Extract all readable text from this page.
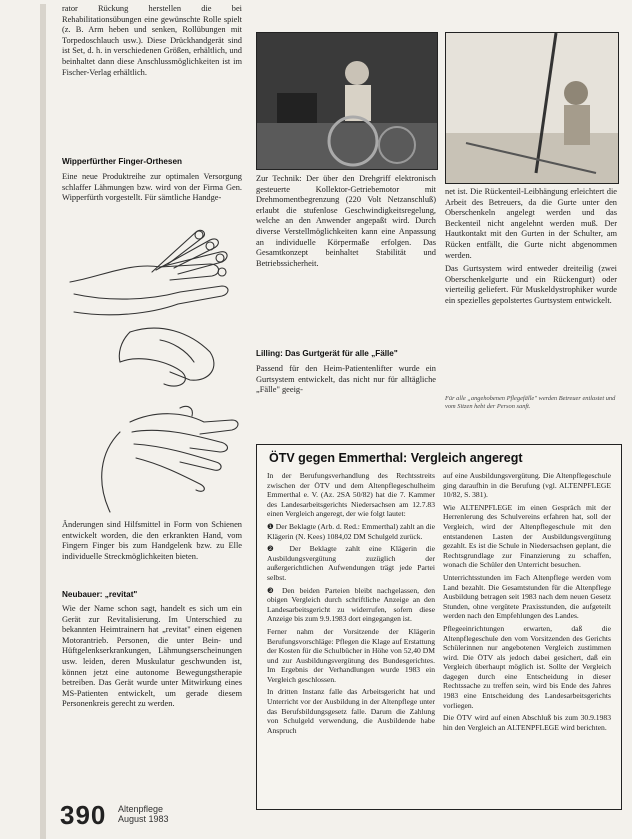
rator Rückung herstellen die bei Rehabilitationsübungen eine gewünschte Rolle spielt (z. B. Arm heben und senken, Rollübungen mit Torpedoschlauch usw.). Diese Drückhandgerät sind ist Set, d. h. in verschiedenen Größen, erhältlich, und beinhaltet dann diese Anschlussmöglichkeiten ist im Fischer-Verlag erhältlich.

Wipperfürther Finger-Orthesen

Eine neue Produktreihe zur optimalen Versorgung schlaffer Lähmungen bzw. wird von der Firma Gen. Wipperfürth vorgestellt. Für sämtliche Handge-

Änderungen sind Hilfsmittel in Form von Schienen entwickelt worden, die den erkrankten Hand, vom Fingern Finger bis zum Handgelenk bzw. zu Elle individuelle Streckmöglichkeiten bieten.

Neubauer: „revitat"

Wie der Name schon sagt, handelt es sich um ein Gerät zur Revitalisierung. Im Unterschied zu bekannten Heimtrainern hat „revitat" einen eigenen Motorantrieb. Personen, die unter Bein- und Hüftgelenkserkrankungen, Lähmungserscheinungen usw. leiden, deren Muskulatur geschwunden ist, können jetzt eine autonome Bewegungstherapie betreiben. Das Gerät wurde unter Mitwirkung eines MS-Patienten entwickelt, um gerade diesem Personenkreis gerecht zu werden.

Zur Technik: Der über den Drehgriff elektronisch gesteuerte Kollektor-Getriebemotor mit Drehmomentbegrenzung (220 Volt Netzanschluß) erlaubt die stufenlose Geschwindigkeitsregelung, welche an den Anwender angepaßt wird. Durch diverse Verstellmöglichkeiten kann eine Anpassung an individuelle Körpermaße erfolgen. Das Gesamtkonzept beinhaltet Stabilität und Betriebssicherheit.

Lilling: Das Gurtgerät für alle „Fälle"

Passend für den Heim-Patientenlifter wurde ein Gurtsystem entwickelt, das nicht nur für alltägliche „Fälle" geeig-

net ist. Die Rückenteil-Leibhängung erleichtert die Arbeit des Betreuers, da die Gurte unter den Oberschenkeln angelegt werden und das Beckenteil nicht angelehnt werden muß. Der Hautkontakt mit den Gurten in der Schulter, am Rücken entfällt, die Gurte nicht abgenommen werden.

Das Gurtsystem wird entweder dreiteilig (zwei Oberschenkelgurte und ein Rückengurt) oder vierteilig geliefert. Für Muskeldystrophiker wurde ein spezielles gepolstertes Gurtsystem entwickelt.

Für alle „angehobenen Pflegefälle" werden Betreuer entlastet und vom Sitzen hebt der Person sanft.
ÖTV gegen Emmerthal: Vergleich angeregt

In der Berufungsverhandlung des Rechtsstreits zwischen der ÖTV und dem Altenpflegeschulheim Emmerthal e. V. (Az. 2SA 50/82) hat die 7. Kammer des Landesarbeitsgerichts Niedersachsen am 12.7.83 einen Vergleich angeregt, der wie folgt lautet:

❶ Der Beklagte (Arb. d. Red.: Emmerthal) zahlt an die Klägerin (N. Kees) 1084,02 DM Schulgeld zurück.

❷ Der Beklagte zahlt eine Klägerin die Ausbildungsvergütung zuzüglich der außergerichtlichen Aufwendungen trägt jede Partei selbst.

❸ Den beiden Parteien bleibt nachgelassen, den obigen Vergleich durch schriftliche Anzeige an den Landesarbeitsgericht zu widerrufen, sofern diese Anzeige bis zum 9.9.1983 dort eingegangen ist.

Ferner nahm der Vorsitzende der Klägerin Berufungsvorschläge: Pflegen die Klage auf Erstattung der Kosten für die Schulbücher in Höhe von 52,40 DM und zur Ausbildungsvergütung des Bundesgerichtes. Im Ergebnis der Verhandlungen wurde 1983 ein Vergleich geschlossen.

In dritten Instanz falle das Arbeitsgericht hat und Unterricht vor der Ausbildung in der Altenpflege unter das Berufsbildungsgesetz falle. Darum die Zahlung von Schulgeld verwendung, die Ausbildende habe Anspruch

auf eine Ausbildungsvergütung. Die Altenpflegeschule ging daraufhin in die Berufung (vgl. ALTENPFLEGE 10/82, S. 381).

Wie ALTENPFLEGE im einen Gespräch mit der Herrenlerung des Schulvereins erfahren hat, soll der Vergleich, wird der Altenpflegeschule mit den entstandenen Lasten der Ausbildungsvergütung gezahlt. Es ist die Schule in Niedersachsen geplant, die Rechtsgrundlage zur Finanzierung zu schaffen, wonach die Schüler den Unterricht besuchen.

Unterrichtsstunden im Fach Altenpflege werden vom Land bezahlt. Die Gesamtstunden für die Altenpflege Ausbildung betragen seit 1983 nach dem neuen Gesetz Stunden, ohne vergütete Praxisstunden, die aufgeteilt werden nach den Empfehlungen des Landes.

Pflegeeinrichtungen erwarten, daß die Altenpflegeschule den vom Vorsitzenden des Gerichts Schülerinnen nur angebotenen Vergleich zustimmen wird. Die ÖTV als jedoch dabei gesichert, daß ein Vergleich überhaupt möglich ist. Sollte der Vergleich dagegen durch eine Entscheidung in dieser Rechtssache zu treffen sein, wird bis Ende des Jahres 1983 eine Entscheidung des Landesarbeitsgerichts vorliegen.

Die ÖTV wird auf einen Abschluß bis zum 30.9.1983 hin den Vergleich an ALTENPFLEGE wird berichten.

390 Altenpflege
August 1983
